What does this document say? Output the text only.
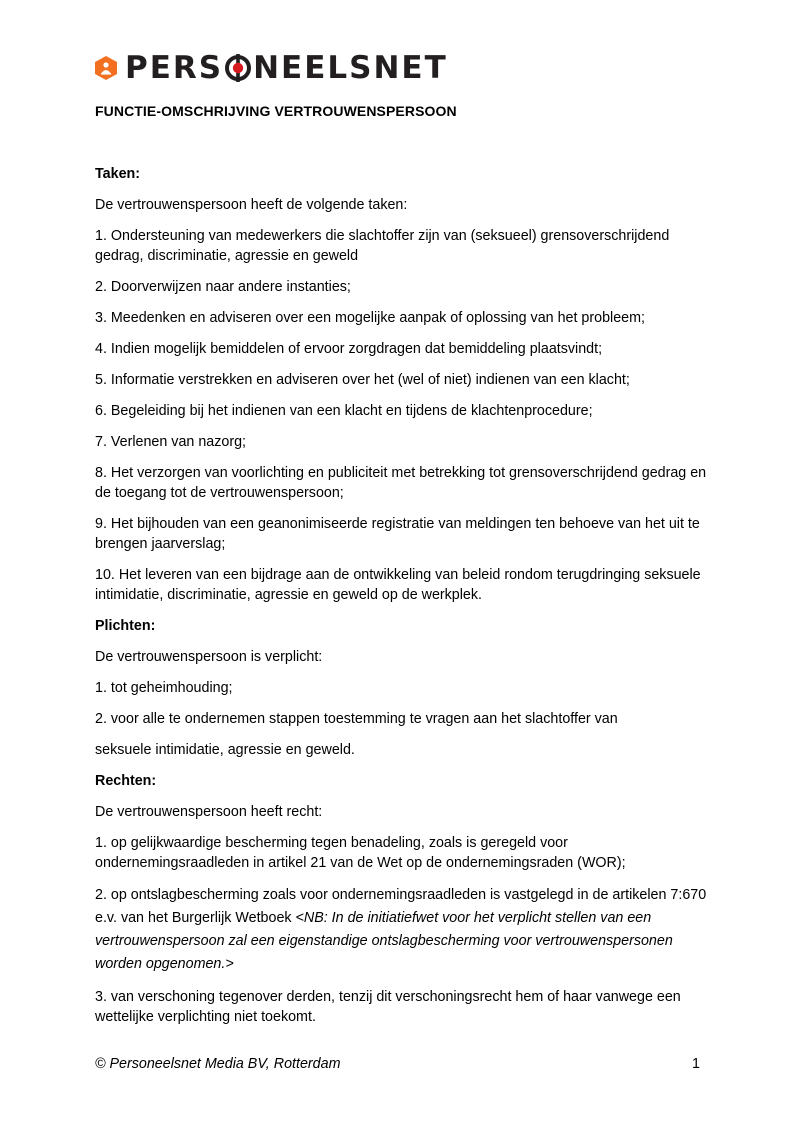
P ERS NEELSNET
FUNCTIE-OMSCHRIJVING VERTROUWENSPERSOON
Taken:

De vertrouwenspersoon heeft de volgende taken:

1. Ondersteuning van medewerkers die slachtoffer zijn van (seksueel) grensoverschrijdend gedrag, discriminatie, agressie en geweld

2. Doorverwijzen naar andere instanties;

3. Meedenken en adviseren over een mogelijke aanpak of oplossing van het probleem;

4. Indien mogelijk bemiddelen of ervoor zorgdragen dat bemiddeling plaatsvindt;

5. Informatie verstrekken en adviseren over het (wel of niet) indienen van een klacht;

6. Begeleiding bij het indienen van een klacht en tijdens de klachtenprocedure;

7. Verlenen van nazorg;

8. Het verzorgen van voorlichting en publiciteit met betrekking tot grensoverschrijdend gedrag en de toegang tot de vertrouwenspersoon;

9. Het bijhouden van een geanonimiseerde registratie van meldingen ten behoeve van het uit te brengen jaarverslag;

10. Het leveren van een bijdrage aan de ontwikkeling van beleid rondom terugdringing seksuele intimidatie, discriminatie, agressie en geweld op de werkplek.

Plichten:

De vertrouwenspersoon is verplicht:

1. tot geheimhouding;

2. voor alle te ondernemen stappen toestemming te vragen aan het slachtoffer van

seksuele intimidatie, agressie en geweld.

Rechten:

De vertrouwenspersoon heeft recht:

1. op gelijkwaardige bescherming tegen benadeling, zoals is geregeld voor ondernemingsraadleden in artikel 21 van de Wet op de ondernemingsraden (WOR);

2. op ontslagbescherming zoals voor ondernemingsraadleden is vastgelegd in de artikelen 7:670 e.v. van het Burgerlijk Wetboek <NB: In de initiatiefwet voor het verplicht stellen van een vertrouwenspersoon zal een eigenstandige ontslagbescherming voor vertrouwenspersonen worden opgenomen.>

3. van verschoning tegenover derden, tenzij dit verschoningsrecht hem of haar vanwege een wettelijke verplichting niet toekomt.

© Personeelsnet Media BV, Rotterdam	1
